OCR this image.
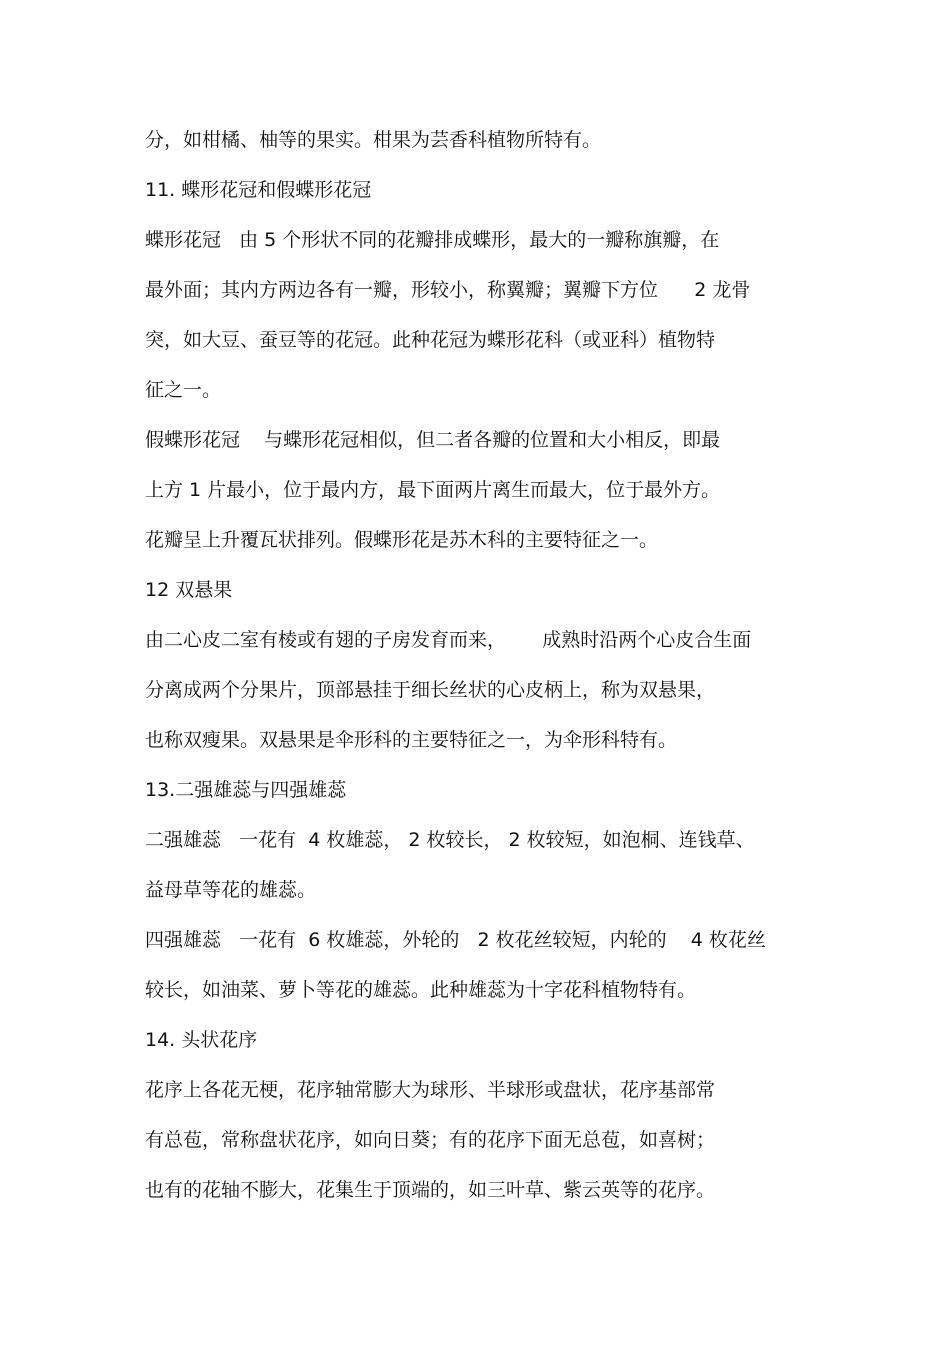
分，如柑橘、柚等的果实。柑果为芸香科植物所特有。

11. 蝶形花冠和假蝶形花冠

蝶形花冠   由 5 个形状不同的花瓣排成蝶形，最大的一瓣称旗瓣，在

最外面；其内方两边各有一瓣，形较小，称翼瓣；翼瓣下方位      2 龙骨

突，如大豆、蚕豆等的花冠。此种花冠为蝶形花科（或亚科）植物特

征之一。

假蝶形花冠    与蝶形花冠相似，但二者各瓣的位置和大小相反，即最

上方 1 片最小，位于最内方，最下面两片离生而最大，位于最外方。

花瓣呈上升覆瓦状排列。假蝶形花是苏木科的主要特征之一。

12 双悬果

由二心皮二室有棱或有翅的子房发育而来，      成熟时沿两个心皮合生面

分离成两个分果片，顶部悬挂于细长丝状的心皮柄上，称为双悬果，

也称双瘦果。双悬果是伞形科的主要特征之一，为伞形科特有。

13.二强雄蕊与四强雄蕊

二强雄蕊   一花有  4 枚雄蕊， 2 枚较长， 2 枚较短，如泡桐、连钱草、

益母草等花的雄蕊。

四强雄蕊   一花有  6 枚雄蕊，外轮的   2 枚花丝较短，内轮的    4 枚花丝

较长，如油菜、萝卜等花的雄蕊。此种雄蕊为十字花科植物特有。

14. 头状花序

花序上各花无梗，花序轴常膨大为球形、半球形或盘状，花序基部常

有总苞，常称盘状花序，如向日葵；有的花序下面无总苞，如喜树；

也有的花轴不膨大，花集生于顶端的，如三叶草、紫云英等的花序。
